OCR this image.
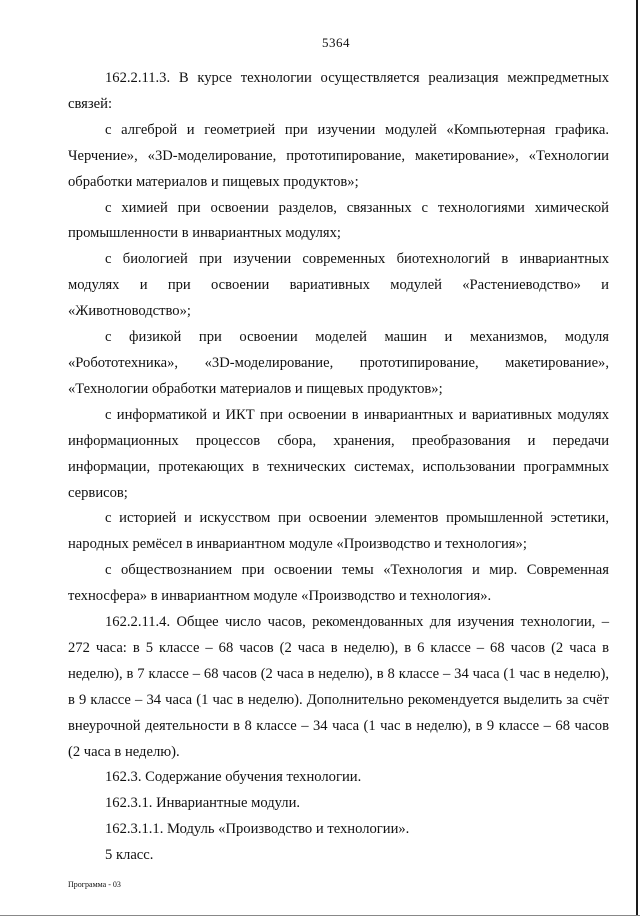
5364

162.2.11.3. В курсе технологии осуществляется реализация межпредметных связей:

с алгеброй и геометрией при изучении модулей «Компьютерная графика. Черчение», «3D-моделирование, прототипирование, макетирование», «Технологии обработки материалов и пищевых продуктов»;

с химией при освоении разделов, связанных с технологиями химической промышленности в инвариантных модулях;

с биологией при изучении современных биотехнологий в инвариантных модулях и при освоении вариативных модулей «Растениеводство» и «Животноводство»;

с физикой при освоении моделей машин и механизмов, модуля «Робототехника», «3D-моделирование, прототипирование, макетирование», «Технологии обработки материалов и пищевых продуктов»;

с информатикой и ИКТ при освоении в инвариантных и вариативных модулях информационных процессов сбора, хранения, преобразования и передачи информации, протекающих в технических системах, использовании программных сервисов;

с историей и искусством при освоении элементов промышленной эстетики, народных ремёсел в инвариантном модуле «Производство и технология»;

с обществознанием при освоении темы «Технология и мир. Современная техносфера» в инвариантном модуле «Производство и технология».

162.2.11.4. Общее число часов, рекомендованных для изучения технологии, – 272 часа: в 5 классе – 68 часов (2 часа в неделю), в 6 классе – 68 часов (2 часа в неделю), в 7 классе – 68 часов (2 часа в неделю), в 8 классе – 34 часа (1 час в неделю), в 9 классе – 34 часа (1 час в неделю). Дополнительно рекомендуется выделить за счёт внеурочной деятельности в 8 классе – 34 часа (1 час в неделю), в 9 классе – 68 часов (2 часа в неделю).

162.3. Содержание обучения технологии.

162.3.1. Инвариантные модули.

162.3.1.1. Модуль «Производство и технологии».

5 класс.

Программа - 03
